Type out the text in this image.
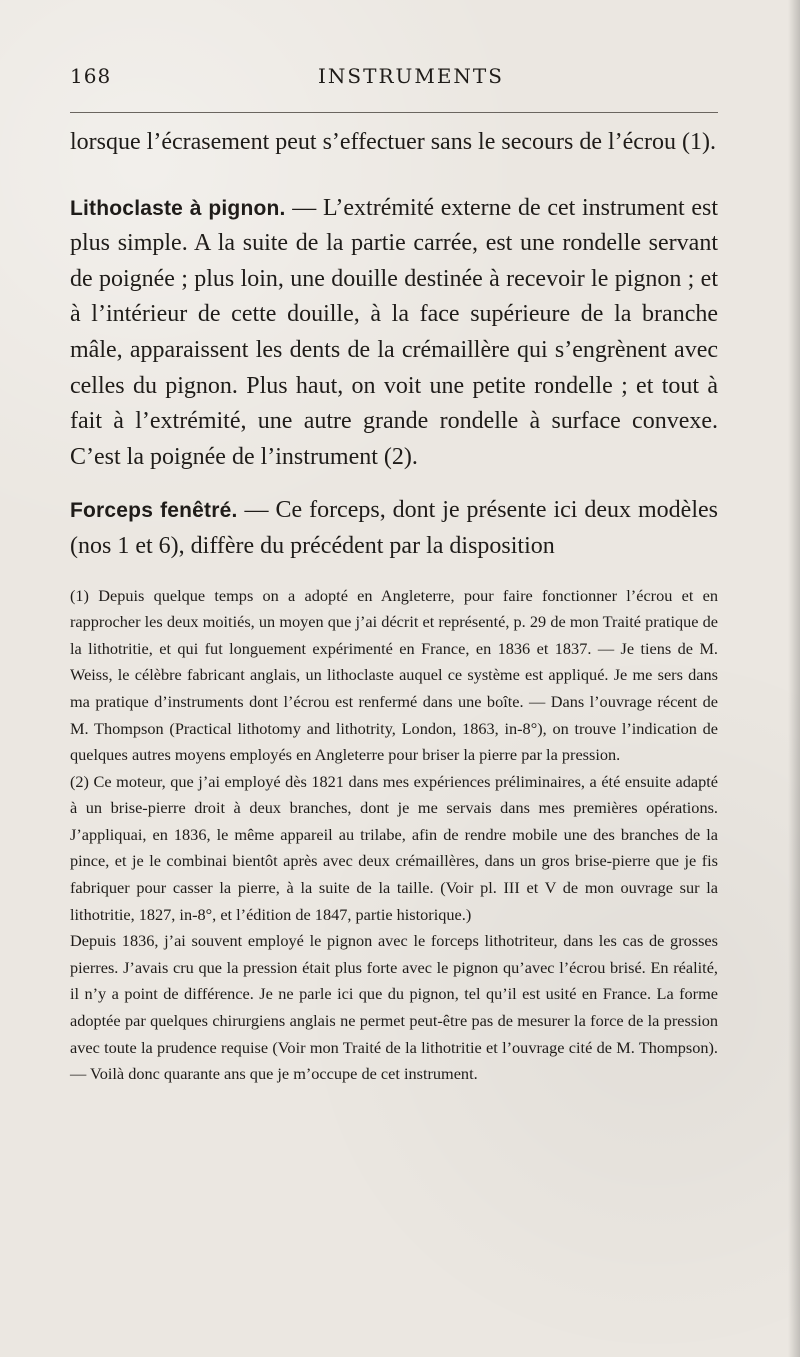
168	INSTRUMENTS

lorsque l’écrasement peut s’effectuer sans le secours de l’écrou (1).

Lithoclaste à pignon. — L’extrémité externe de cet instrument est plus simple. A la suite de la partie carrée, est une rondelle servant de poignée ; plus loin, une douille destinée à recevoir le pignon ; et à l’intérieur de cette douille, à la face supérieure de la branche mâle, apparaissent les dents de la crémaillère qui s’engrènent avec celles du pignon. Plus haut, on voit une petite rondelle ; et tout à fait à l’extrémité, une autre grande rondelle à surface convexe. C’est la poignée de l’instrument (2).

Forceps fenêtré. — Ce forceps, dont je présente ici deux modèles (nos 1 et 6), diffère du précédent par la disposition

(1) Depuis quelque temps on a adopté en Angleterre, pour faire fonctionner l’écrou et en rapprocher les deux moitiés, un moyen que j’ai décrit et représenté, p. 29 de mon Traité pratique de la lithotritie, et qui fut longuement expérimenté en France, en 1836 et 1837. — Je tiens de M. Weiss, le célèbre fabricant anglais, un lithoclaste auquel ce système est appliqué. Je me sers dans ma pratique d’instruments dont l’écrou est renfermé dans une boîte. — Dans l’ouvrage récent de M. Thompson (Practical lithotomy and lithotrity, London, 1863, in-8°), on trouve l’indication de quelques autres moyens employés en Angleterre pour briser la pierre par la pression.

(2) Ce moteur, que j’ai employé dès 1821 dans mes expériences préliminaires, a été ensuite adapté à un brise-pierre droit à deux branches, dont je me servais dans mes premières opérations. J’appliquai, en 1836, le même appareil au trilabe, afin de rendre mobile une des branches de la pince, et je le combinai bientôt après avec deux crémaillères, dans un gros brise-pierre que je fis fabriquer pour casser la pierre, à la suite de la taille. (Voir pl. III et V de mon ouvrage sur la lithotritie, 1827, in-8°, et l’édition de 1847, partie historique.)

Depuis 1836, j’ai souvent employé le pignon avec le forceps lithotriteur, dans les cas de grosses pierres. J’avais cru que la pression était plus forte avec le pignon qu’avec l’écrou brisé. En réalité, il n’y a point de différence. Je ne parle ici que du pignon, tel qu’il est usité en France. La forme adoptée par quelques chirurgiens anglais ne permet peut-être pas de mesurer la force de la pression avec toute la prudence requise (Voir mon Traité de la lithotritie et l’ouvrage cité de M. Thompson). — Voilà donc quarante ans que je m’occupe de cet instrument.
